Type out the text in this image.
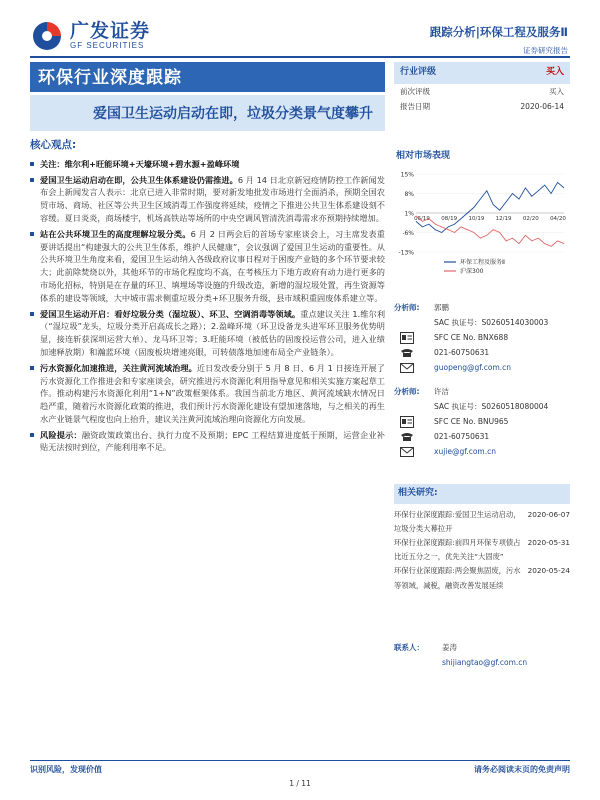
广发证券
GF SECURITIES
跟踪分析|环保工程及服务Ⅱ
证券研究报告
环保行业深度跟踪
爱国卫生运动启动在即，垃圾分类景气度攀升
行业评级	买入
前次评级	买入
报告日期	2020-06-14
核心观点:
关注：维尔利+旺能环境+天壕环境+碧水源+盈峰环境
爱国卫生运动启动在即，公共卫生体系建设仍需推进。6 月 14 日北京新冠疫情防控工作新闻发布会上新闻发言人表示：北京已进入非常时期，要对新发地批发市场进行全面消杀，预期全国农贸市场、商场、社区等公共卫生区域消毒工作强度将延续，疫情之下推进公共卫生体系建设刻不容缓。夏日炎炎，商场楼宇，机场高铁站等场所的中央空调风管清洗消毒需求亦预期持续增加。
站在公共环境卫生的高度理解垃圾分类。6 月 2 日两会后的首场专家座谈会上，习主席发表重要讲话提出“构建强大的公共卫生体系，维护人民健康”，会议强调了爱国卫生运动的重要性。从公共环境卫生角度来看，爱国卫生运动纳入各级政府议事日程对于困废产业链的多个环节要求较大；此前除焚烧以外，其他环节的市场化程度均不高，在考核压力下地方政府有动力进行更多的市场化招标，特别是在存量的环卫、填埋场等设施的升级改造，新增的湿垃圾处置，再生资源等体系的建设等领域，大中城市需求侧重垃圾分类+环卫服务升级，县市域积重固废体系建立等。
爱国卫生运动开启：看好垃圾分类（湿垃圾）、环卫、空调消毒等领域。重点建议关注 1.维尔利（“湿垃圾”龙头，垃圾分类开启高成长之路）；2.盈峰环境（环卫设备龙头进军环卫服务优势明显，接连斩获深圳运营大单）、龙马环卫等；3.旺能环境（被低估的固废投运营公司，进入业绩加速释放期）和瀚蓝环境（固废板块增速亮眼，可转债落地加速布局全产业链条）。
污水资源化加速推进，关注黄河流域治理。近日发改委分别于 5 月 8 日、6 月 1 日接连开展了污水资源化工作推进会和专家座谈会，研究推进污水资源化利用指导意见和相关实施方案起草工作。推动构建污水资源化利用“1+N”政策框架体系。我国当前北方地区、黄河流域缺水情况日趋严重，随着污水资源化政策的推进，我们预计污水资源化建设有望加速落地，与之相关的再生水产业链景气程度也向上抬升，建议关注黄河流域治理向资源化方向发展。
风险提示：融资政策政策出台、执行力度不及预期；EPC 工程结算进度低于预期，运营企业补贴无法按时到位，产能利用率不足。
相对市场表现
15%
8%
1%
-6%
-13%
06/19 08/19 10/19 12/19 02/20 04/20
环保工程及服务Ⅱ
沪深300
分析师:	郭鹏
SAC 执证号：S0260514030003
SFC CE No. BNX688
021-60750631
guopeng@gf.com.cn
分析师:	许洁
SAC 执证号：S0260518080004
SFC CE No. BNU965
021-60750631
xujie@gf.com.cn
相关研究:
环保行业深度跟踪:爱国卫生运动启动，垃圾分类大幕拉开
2020-06-07
环保行业深度跟踪:前四月环保专项债占比近五分之一，优先关注“大固废”
2020-05-31
环保行业深度跟踪:两会聚焦固废，污水等领域，减税，融资改善发展延续
2020-05-24
联系人：	姜涛
shijiangtao@gf.com.cn
识别风险，发现价值	请务必阅读末页的免责声明
1 / 11
